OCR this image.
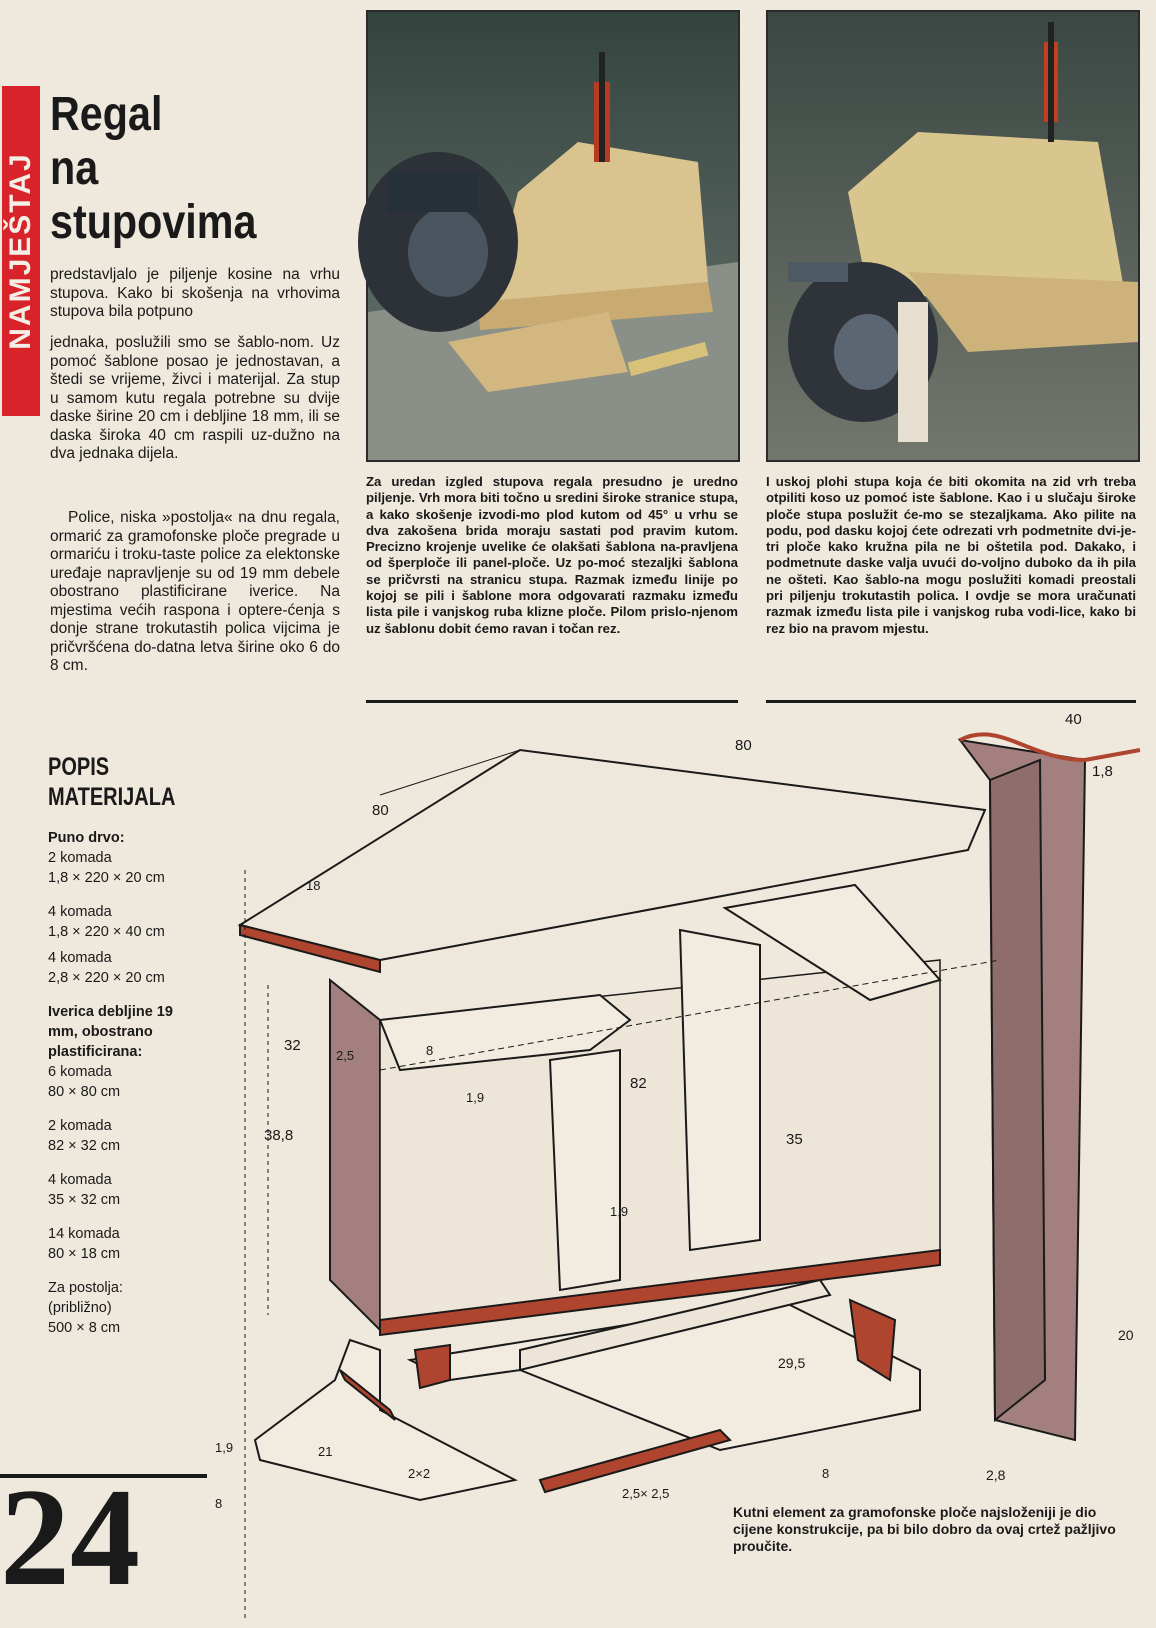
NAMJEŠTAJ
Regal
na
stupovima
predstavljalo je piljenje kosine na vrhu stupova. Kako bi skošenja na vrhovima stupova bila potpuno
jednaka, poslužili smo se šablo-nom. Uz pomoć šablone posao je jednostavan, a štedi se vrijeme, živci i materijal. Za stup u samom kutu regala potrebne su dvije daske širine 20 cm i debljine 18 mm, ili se daska široka 40 cm raspili uz-dužno na dva jednaka dijela.
Police, niska »postolja« na dnu regala, ormarić za gramofonske ploče pregrade u ormariću i troku-taste police za elektonske uređaje napravljenje su od 19 mm debele obostrano plastificirane iverice. Na mjestima većih raspona i optere-ćenja s donje strane trokutastih polica vijcima je pričvršćena do-datna letva širine oko 6 do 8 cm.
Za uredan izgled stupova regala presudno je uredno piljenje. Vrh mora biti točno u sredini široke stranice stupa, a kako skošenje izvodi-mo plod kutom od 45° u vrhu se dva zakošena brida moraju sastati pod pravim kutom. Precizno krojenje uvelike će olakšati šablona na-pravljena od šperploče ili panel-ploče. Uz po-moć stezaljki šablona se pričvrsti na stranicu stupa. Razmak između linije po kojoj se pili i šablone mora odgovarati razmaku između lista pile i vanjskog ruba klizne ploče. Pilom prislo-njenom uz šablonu dobit ćemo ravan i točan rez.
I uskoj plohi stupa koja će biti okomita na zid vrh treba otpiliti koso uz pomoć iste šablone. Kao i u slučaju široke ploče stupa poslužit će-mo se stezaljkama. Ako pilite na podu, pod dasku kojoj ćete odrezati vrh podmetnite dvi-je-tri ploče kako kružna pila ne bi oštetila pod. Dakako, i podmetnute daske valja uvući do-voljno duboko da ih pila ne ošteti. Kao šablo-na mogu poslužiti komadi preostali pri piljenju trokutastih polica. I ovdje se mora uračunati razmak između lista pile i vanjskog ruba vodi-lice, kako bi rez bio na pravom mjestu.
POPIS
MATERIJALA
Puno drvo:
2 komada
1,8 × 220 × 20 cm
4 komada
1,8 × 220 × 40 cm
4 komada
2,8 × 220 × 20 cm
Iverica debljine 19 mm, obostrano plastificirana:
6 komada
80 × 80 cm
2 komada
82 × 32 cm
4 komada
35 × 32 cm
14 komada
80 × 18 cm
Za postolja:
(približno)
500 × 8 cm
80
80
40
1,8
18
32
2,5	8
1,9
82
35
38,8
1,9
29,5
21
2×2
1,9
8
2,5× 2,5
8	2,8
20
24	Kutni element za gramofonske ploče najsloženiji je dio cijene konstrukcije, pa bi bilo dobro da ovaj crtež pažljivo proučite.
